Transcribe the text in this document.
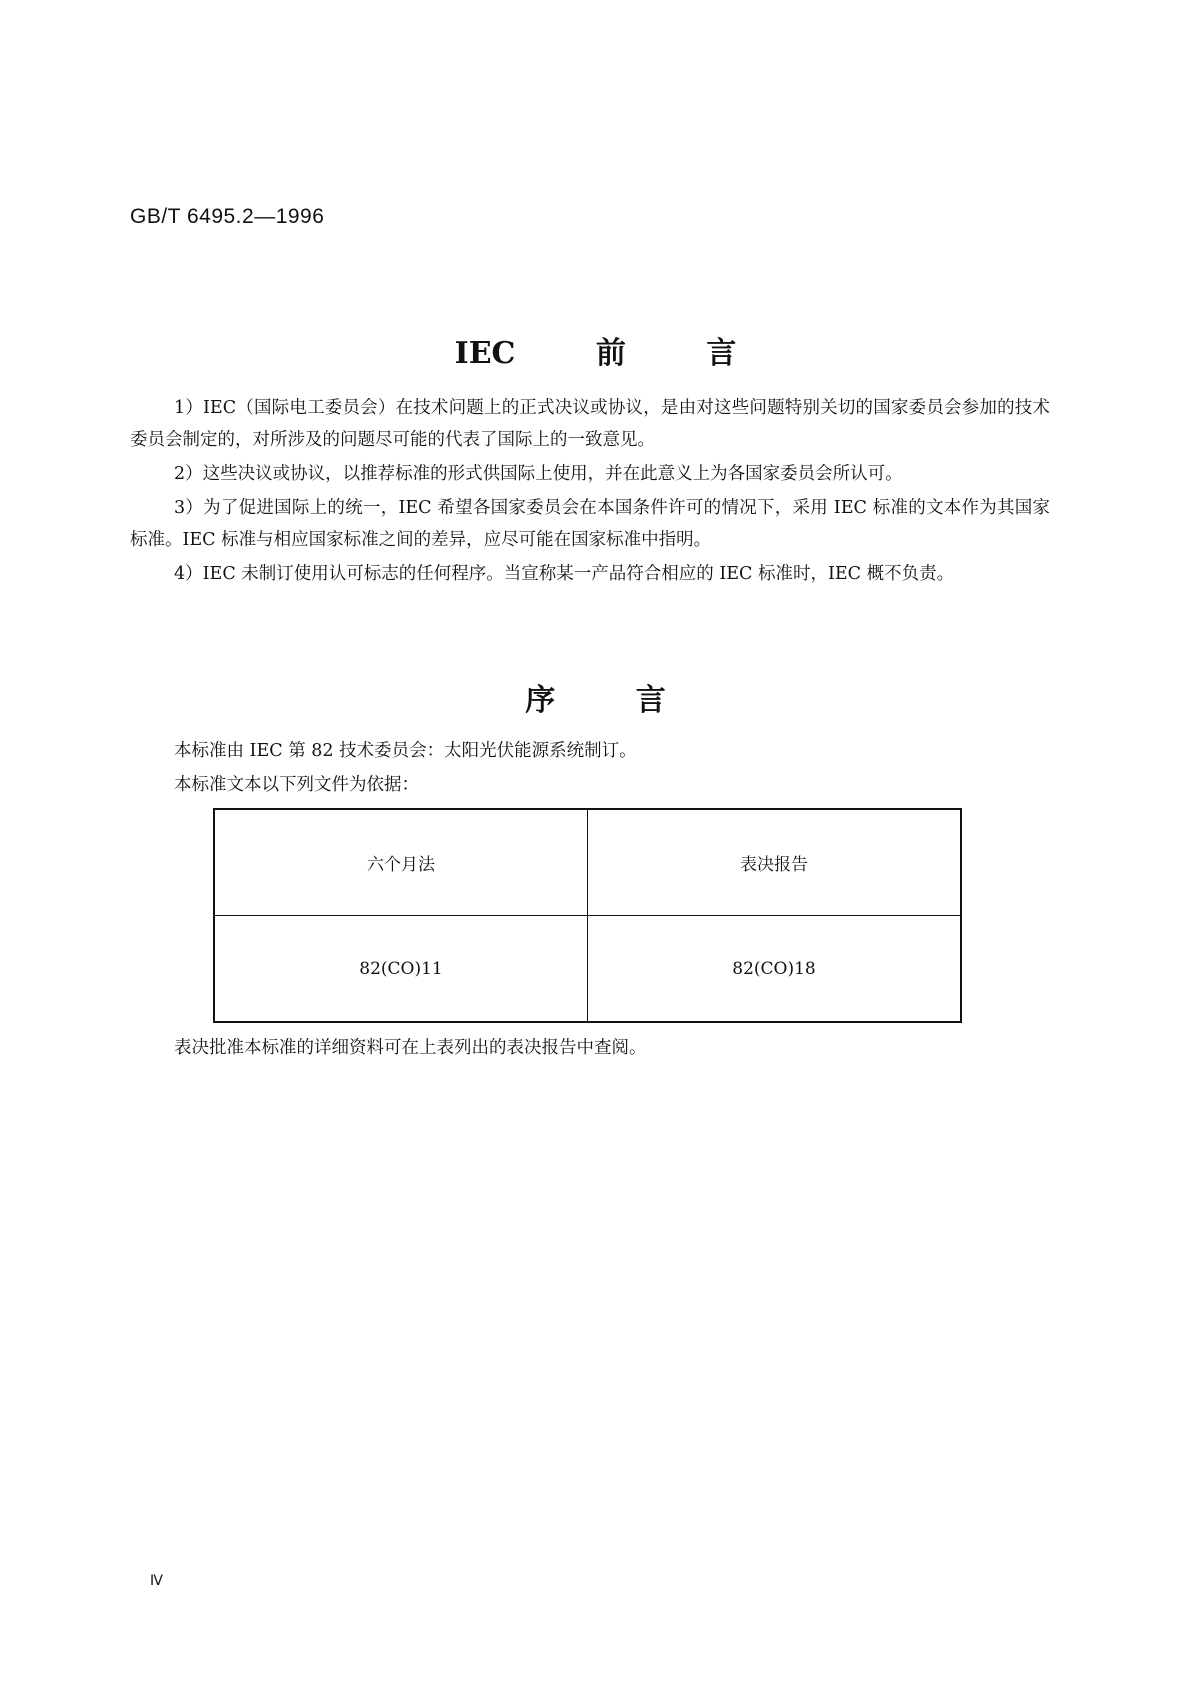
GB/T 6495.2—1996
IEC 前 言

1）IEC（国际电工委员会）在技术问题上的正式决议或协议，是由对这些问题特别关切的国家委员会参加的技术委员会制定的，对所涉及的问题尽可能的代表了国际上的一致意见。

2）这些决议或协议，以推荐标准的形式供国际上使用，并在此意义上为各国家委员会所认可。

3）为了促进国际上的统一，IEC 希望各国家委员会在本国条件许可的情况下，采用 IEC 标准的文本作为其国家标准。IEC 标准与相应国家标准之间的差异，应尽可能在国家标准中指明。

4）IEC 未制订使用认可标志的任何程序。当宣称某一产品符合相应的 IEC 标准时，IEC 概不负责。

序 言
本标准由 IEC 第 82 技术委员会：太阳光伏能源系统制订。
本标准文本以下列文件为依据：
六个月法	表决报告
82(CO)11	82(CO)18
表决批准本标准的详细资料可在上表列出的表决报告中查阅。
Ⅳ
